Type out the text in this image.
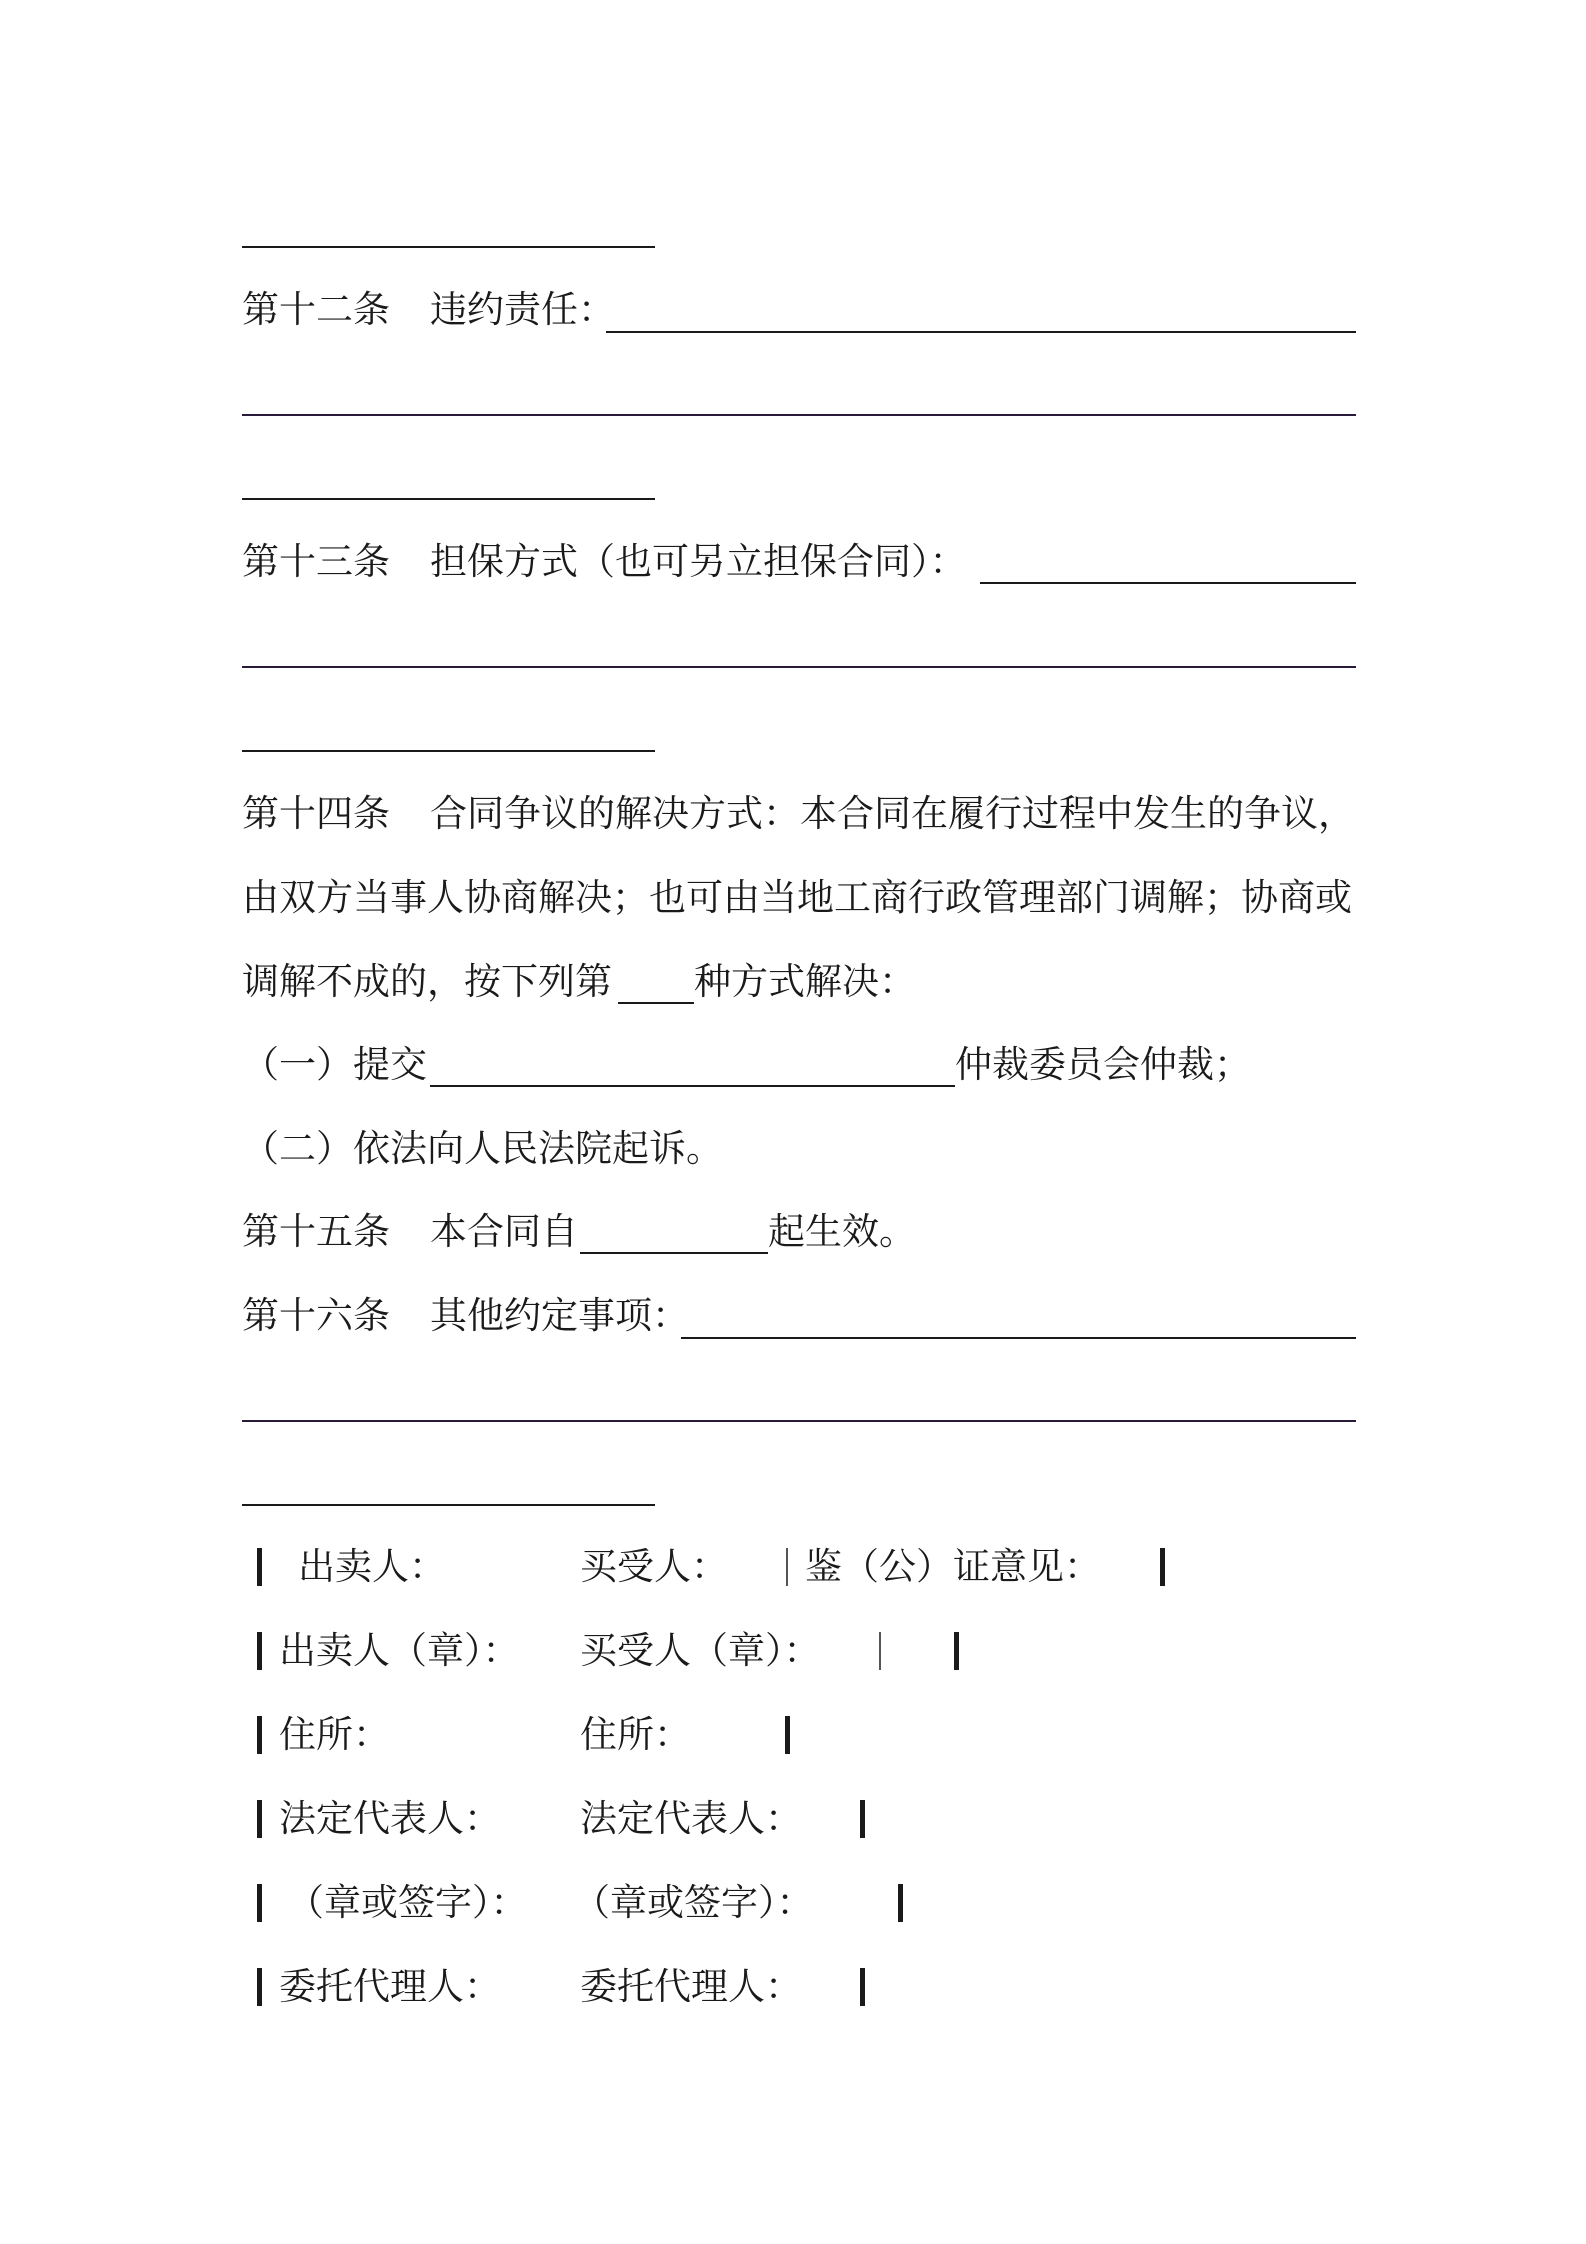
第十二条 违约责任：
第十三条 担保方式（也可另立担保合同）：
第十四条 合同争议的解决方式：本合同在履行过程中发生的争议，
由双方当事人协商解决；也可由当地工商行政管理部门调解；协商或
调解不成的，按下列第 种方式解决：
（一）提交	仲裁委员会仲裁；
（二）依法向人民法院起诉。
第十五条 本合同自	起生效。
第十六条 其他约定事项：
出卖人：	买受人： 鉴（公）证意见：
出卖人（章）： 买受人（章）：
住所：	住所：
法定代表人： 法定代表人：
（章或签字）： （章或签字）：
委托代理人： 委托代理人：
